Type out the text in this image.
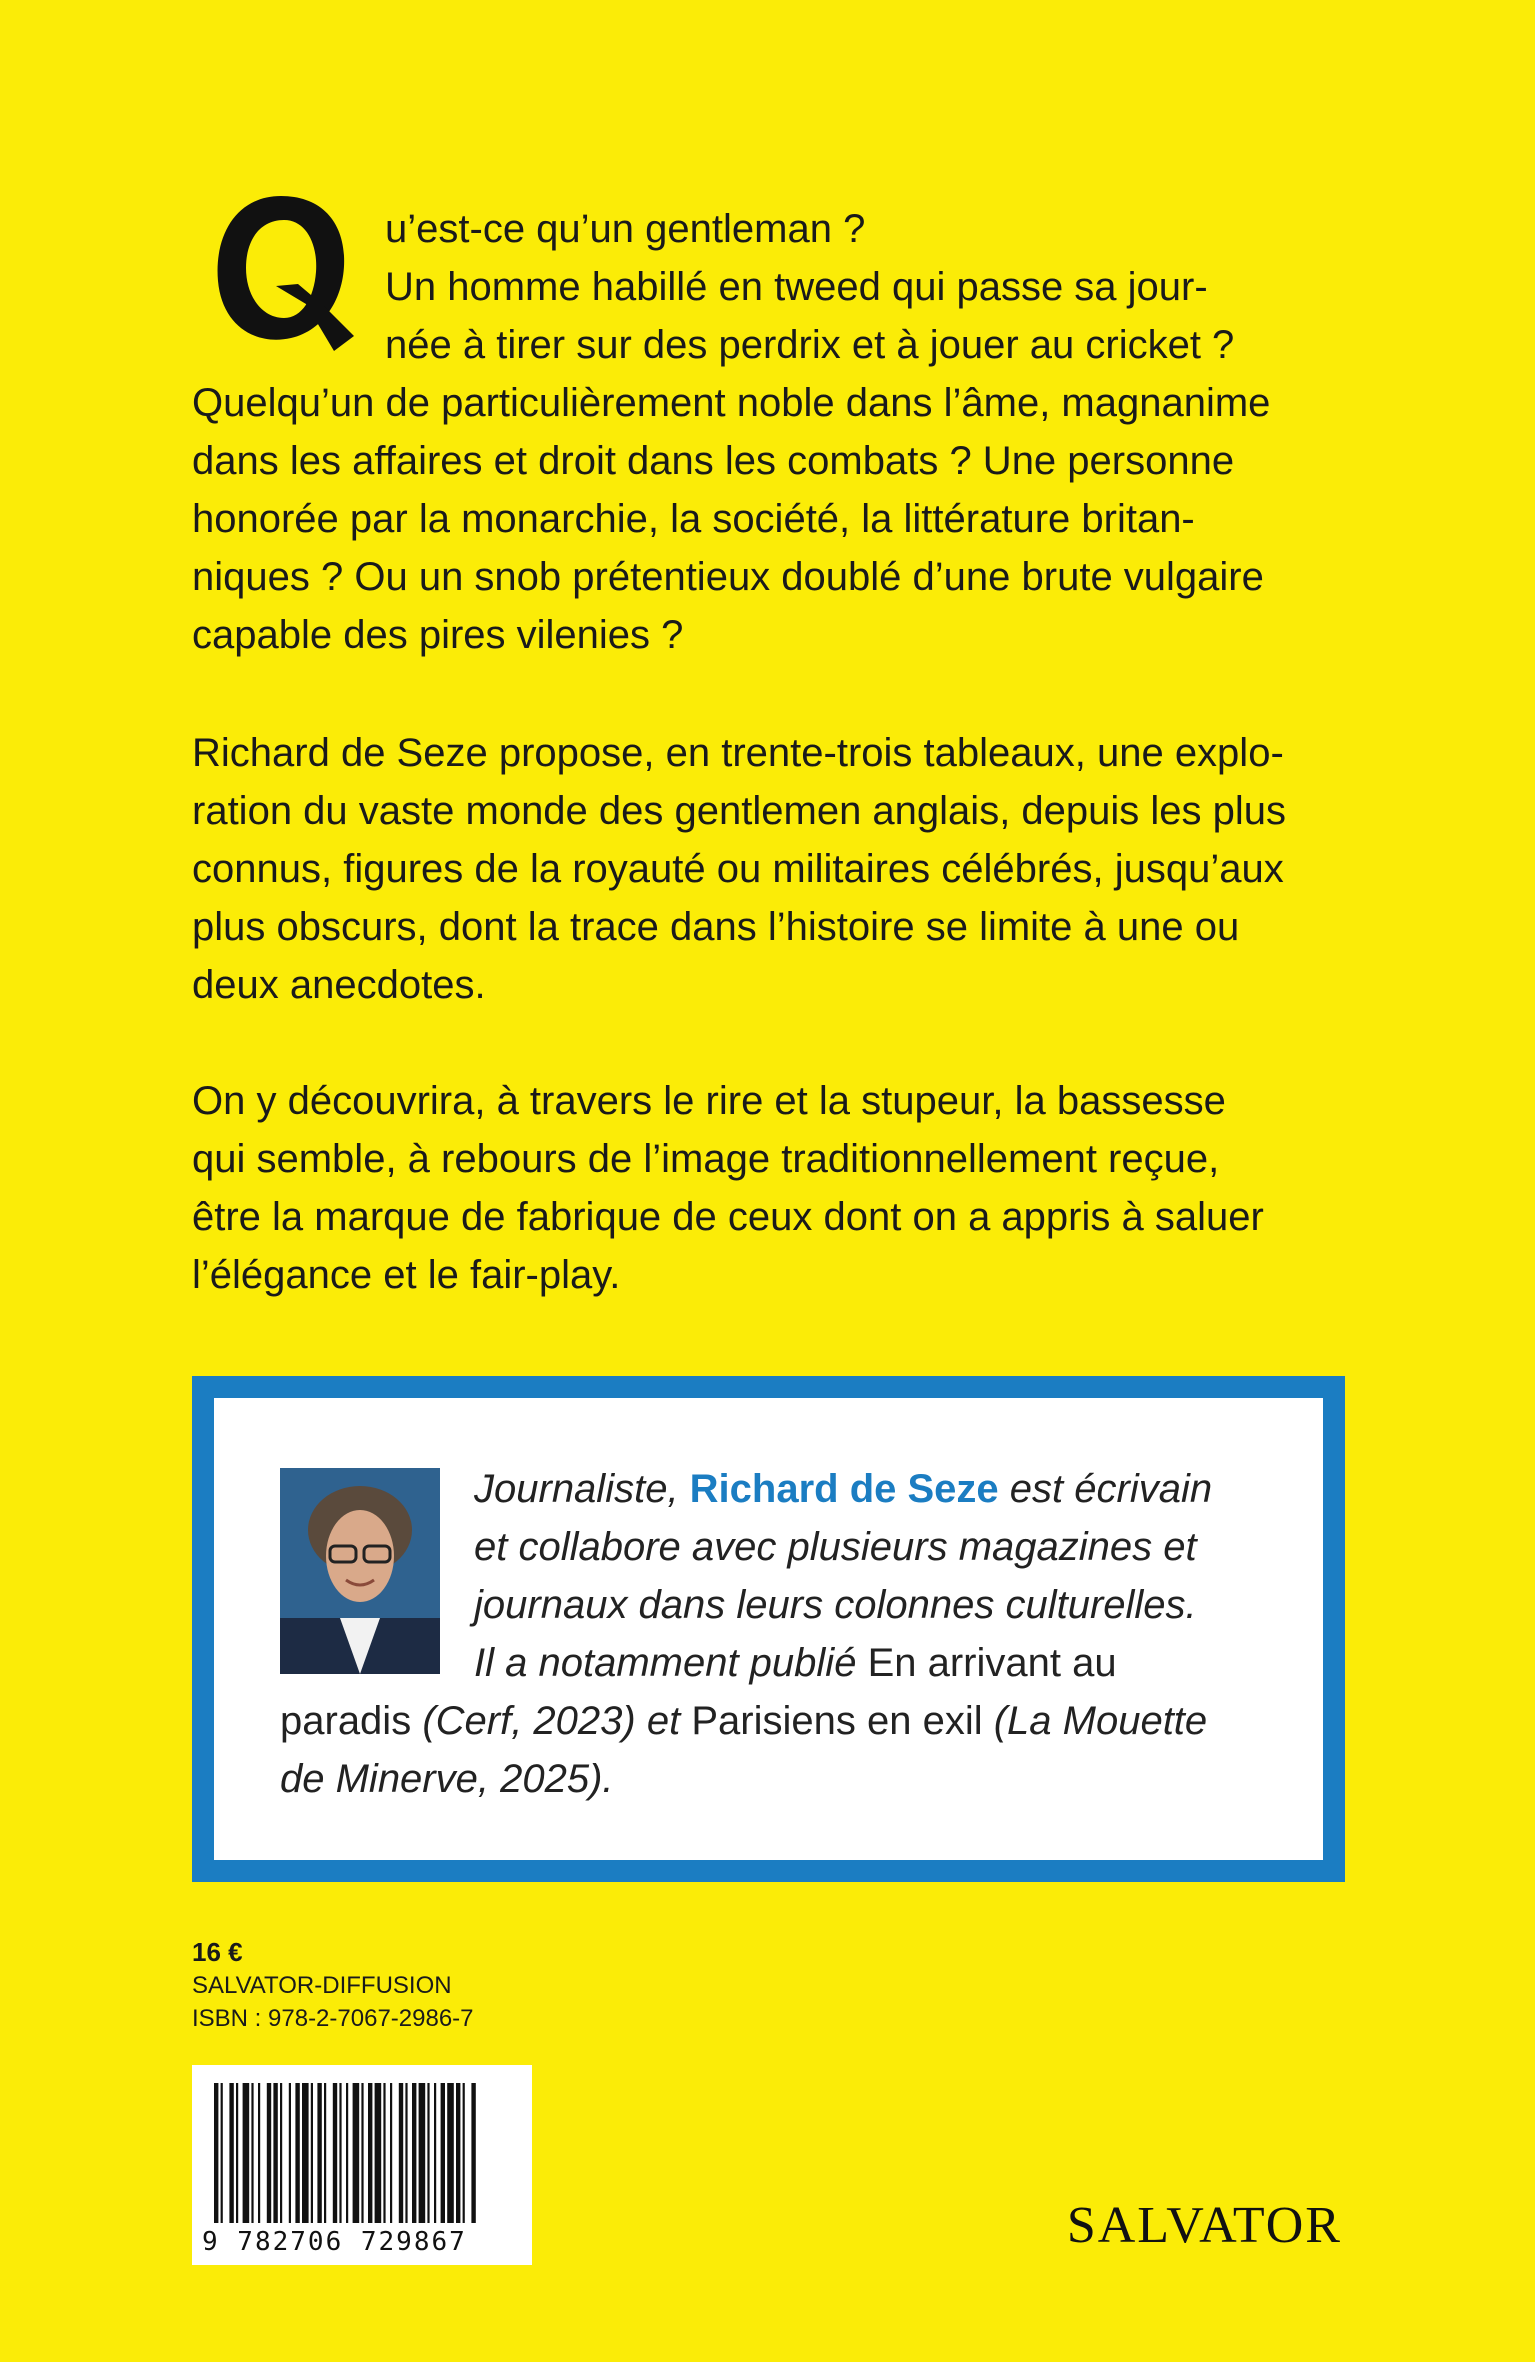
u’est-ce qu’un gentleman ?
Un homme habillé en tweed qui passe sa jour-
née à tirer sur des perdrix et à jouer au cricket ?
Quelqu’un de particulièrement noble dans l’âme, magnanime
dans les affaires et droit dans les combats ? Une personne
honorée par la monarchie, la société, la littérature britan-
niques ? Ou un snob prétentieux doublé d’une brute vulgaire
capable des pires vilenies ?
Richard de Seze propose, en trente-trois tableaux, une explo-
ration du vaste monde des gentlemen anglais, depuis les plus
connus, figures de la royauté ou militaires célébrés, jusqu’aux
plus obscurs, dont la trace dans l’histoire se limite à une ou
deux anecdotes.
On y découvrira, à travers le rire et la stupeur, la bassesse
qui semble, à rebours de l’image traditionnellement reçue,
être la marque de fabrique de ceux dont on a appris à saluer
l’élégance et le fair-play.
Journaliste, Richard de Seze est écrivain
et collabore avec plusieurs magazines et
journaux dans leurs colonnes culturelles.
Il a notamment publié En arrivant au
paradis (Cerf, 2023) et Parisiens en exil (La Mouette
de Minerve, 2025).
16 €
SALVATOR-DIFFUSION
ISBN : 978-2-7067-2986-7
9 782706 729867	SALVATOR
